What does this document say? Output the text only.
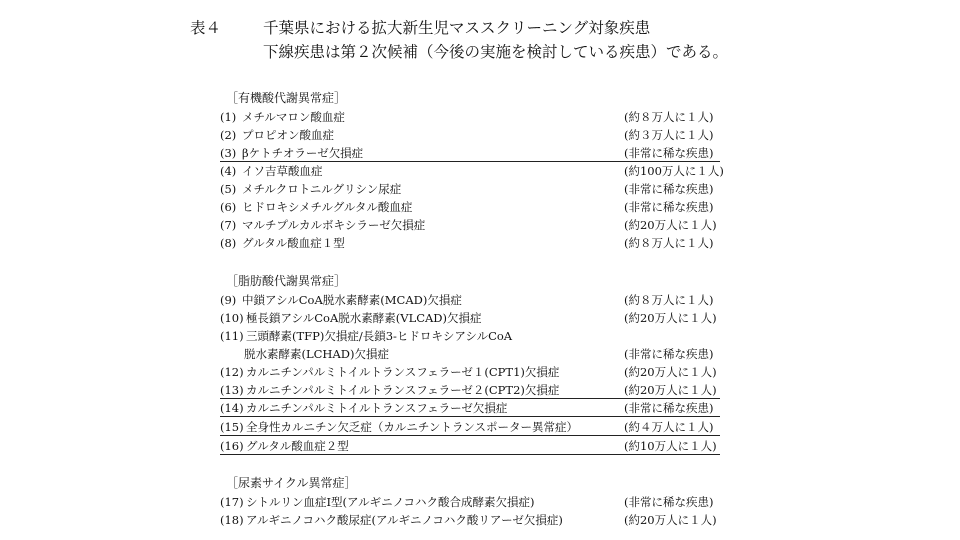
表４	千葉県における拡大新生児マススクリーニング対象疾患
下線疾患は第２次候補（今後の実施を検討している疾患）である。
［有機酸代謝異常症］
(1) メチルマロン酸血症	(約８万人に１人)
(2) プロピオン酸血症	(約３万人に１人)
(3) βケトチオラーゼ欠損症	(非常に稀な疾患)
(4) イソ吉草酸血症	(約100万人に１人)
(5) メチルクロトニルグリシン尿症	(非常に稀な疾患)
(6) ヒドロキシメチルグルタル酸血症	(非常に稀な疾患)
(7) マルチプルカルボキシラーゼ欠損症	(約20万人に１人)
(8) グルタル酸血症１型	(約８万人に１人)
［脂肪酸代謝異常症］
(9) 中鎖アシルCoA脱水素酵素(MCAD)欠損症	(約８万人に１人)
(10) 極長鎖アシルCoA脱水素酵素(VLCAD)欠損症	(約20万人に１人)
(11) 三頭酵素(TFP)欠損症/長鎖3-ヒドロキシアシルCoA
脱水素酵素(LCHAD)欠損症	(非常に稀な疾患)
(12) カルニチンパルミトイルトランスフェラーゼ１(CPT1)欠損症	(約20万人に１人)
(13) カルニチンパルミトイルトランスフェラーゼ２(CPT2)欠損症	(約20万人に１人)
(14) カルニチンパルミトイルトランスフェラーゼ欠損症	(非常に稀な疾患)
(15) 全身性カルニチン欠乏症（カルニチントランスポーター異常症）	(約４万人に１人)
(16) グルタル酸血症２型	(約10万人に１人)
［尿素サイクル異常症］
(17) シトルリン血症Ⅰ型(アルギニノコハク酸合成酵素欠損症)	(非常に稀な疾患)
(18) アルギニノコハク酸尿症(アルギニノコハク酸リアーゼ欠損症)	(約20万人に１人)
